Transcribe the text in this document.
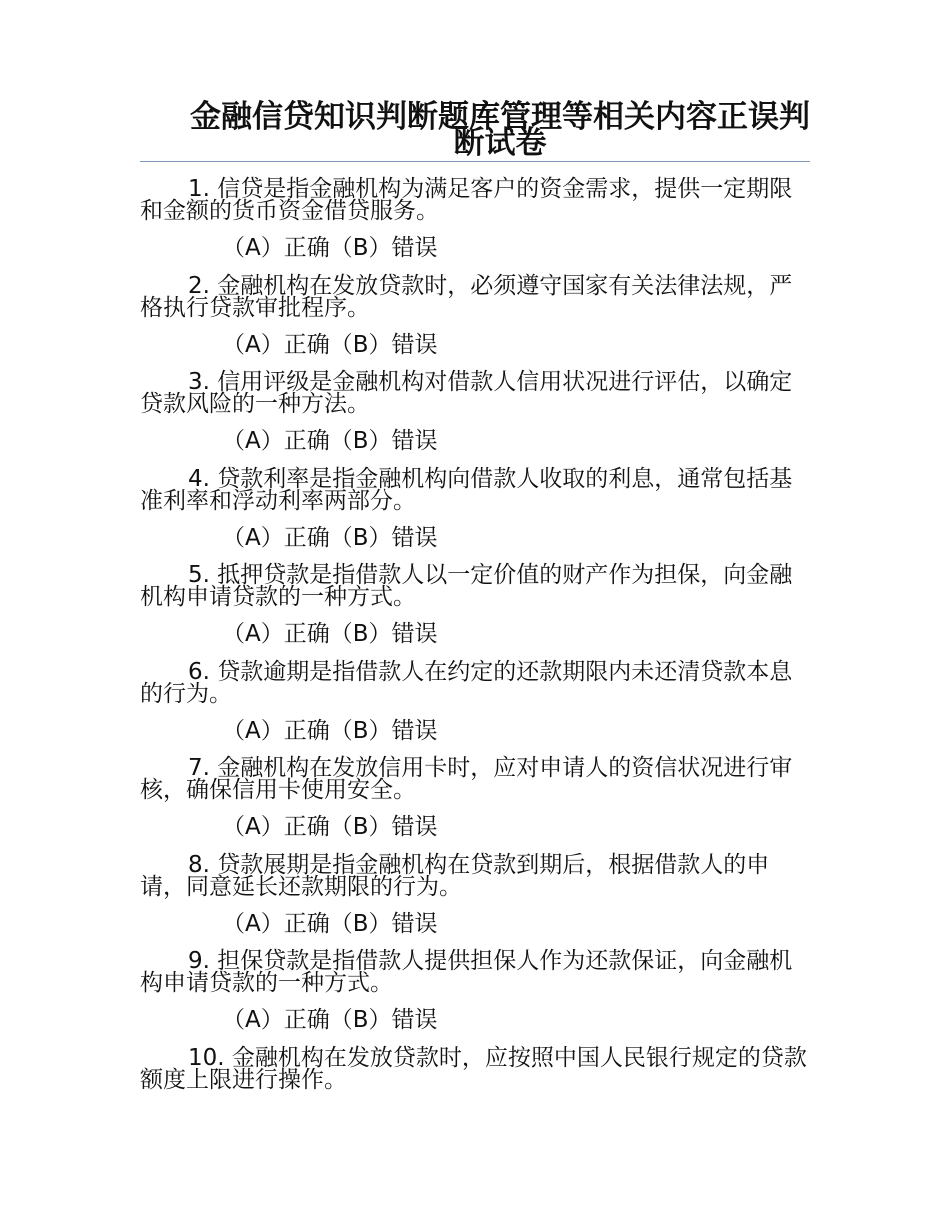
金融信贷知识判断题库管理等相关内容正误判断试卷

1. 信贷是指金融机构为满足客户的资金需求，提供一定期限和金额的货币资金借贷服务。

（A）正确（B）错误

2. 金融机构在发放贷款时，必须遵守国家有关法律法规，严格执行贷款审批程序。

（A）正确（B）错误

3. 信用评级是金融机构对借款人信用状况进行评估，以确定贷款风险的一种方法。

（A）正确（B）错误

4. 贷款利率是指金融机构向借款人收取的利息，通常包括基准利率和浮动利率两部分。

（A）正确（B）错误

5. 抵押贷款是指借款人以一定价值的财产作为担保，向金融机构申请贷款的一种方式。

（A）正确（B）错误

6. 贷款逾期是指借款人在约定的还款期限内未还清贷款本息的行为。

（A）正确（B）错误

7. 金融机构在发放信用卡时，应对申请人的资信状况进行审核，确保信用卡使用安全。

（A）正确（B）错误

8. 贷款展期是指金融机构在贷款到期后，根据借款人的申请，同意延长还款期限的行为。

（A）正确（B）错误

9. 担保贷款是指借款人提供担保人作为还款保证，向金融机构申请贷款的一种方式。

（A）正确（B）错误

10. 金融机构在发放贷款时，应按照中国人民银行规定的贷款额度上限进行操作。
